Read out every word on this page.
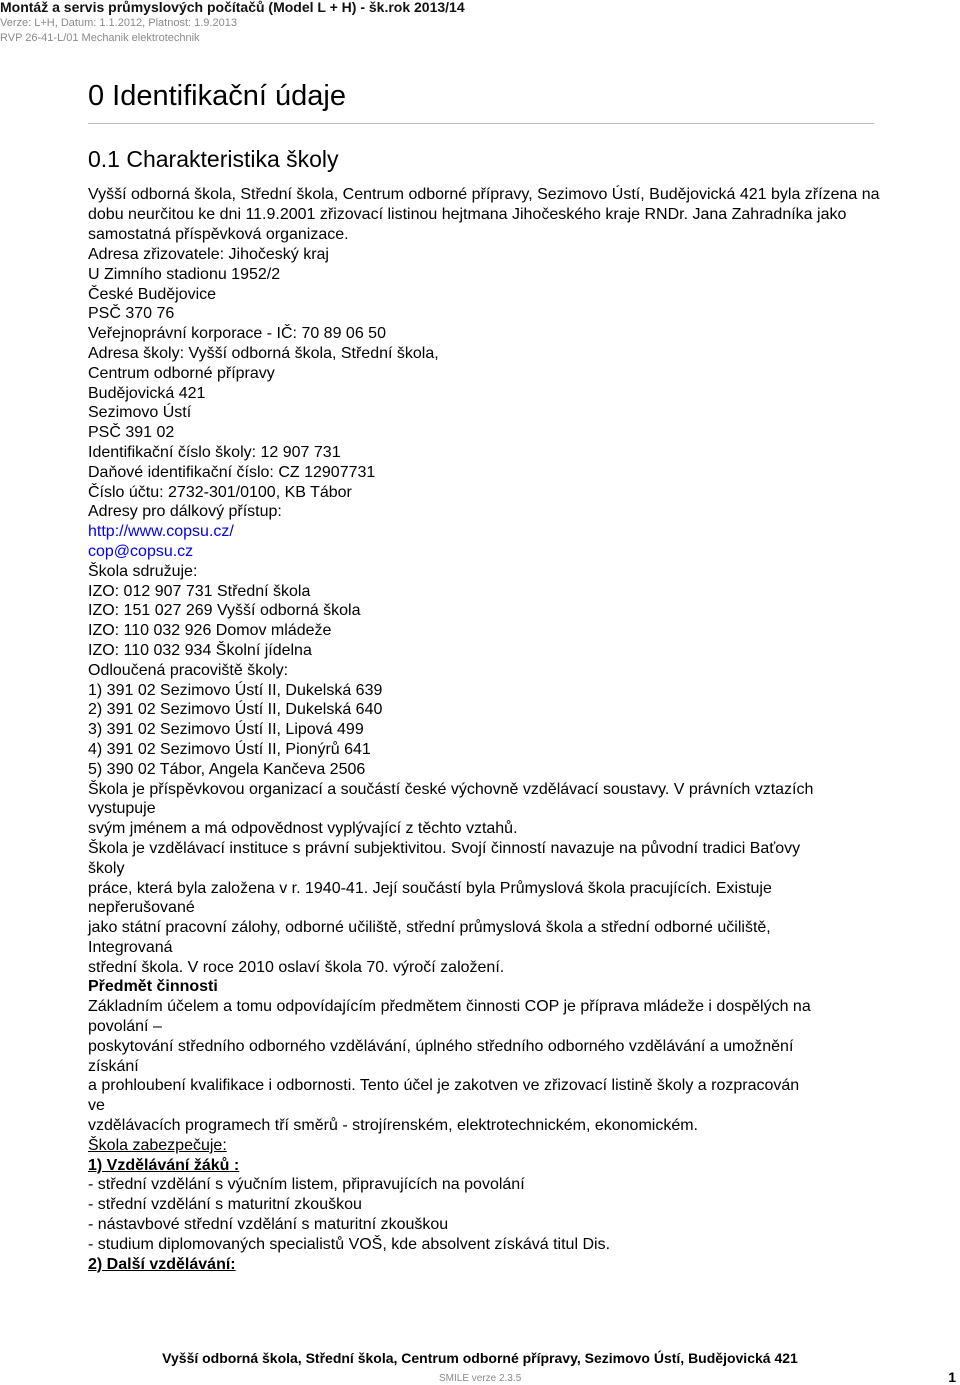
Montáž a servis průmyslových počítačů (Model L + H) - šk.rok 2013/14
Verze: L+H, Datum: 1.1.2012, Platnost: 1.9.2013
RVP 26-41-L/01 Mechanik elektrotechnik
0 Identifikační údaje
0.1 Charakteristika školy

Vyšší odborná škola, Střední škola, Centrum odborné přípravy, Sezimovo Ústí, Budějovická 421 byla zřízena na dobu neurčitou ke dni 11.9.2001 zřizovací listinou hejtmana Jihočeského kraje RNDr. Jana Zahradníka jako samostatná příspěvková organizace.

Adresa zřizovatele: Jihočeský kraj
U Zimního stadionu 1952/2
České Budějovice
PSČ 370 76
Veřejnoprávní korporace - IČ: 70 89 06 50
Adresa školy: Vyšší odborná škola, Střední škola,
Centrum odborné přípravy
Budějovická 421
Sezimovo Ústí
PSČ 391 02
Identifikační číslo školy: 12 907 731
Daňové identifikační číslo: CZ 12907731
Číslo účtu: 2732-301/0100, KB Tábor
Adresy pro dálkový přístup:
http://www.copsu.cz/
cop@copsu.cz
Škola sdružuje:
IZO: 012 907 731 Střední škola
IZO: 151 027 269 Vyšší odborná škola
IZO: 110 032 926 Domov mládeže
IZO: 110 032 934 Školní jídelna
Odloučená pracoviště školy:
1) 391 02 Sezimovo Ústí II, Dukelská 639
2) 391 02 Sezimovo Ústí II, Dukelská 640
3) 391 02 Sezimovo Ústí II, Lipová 499
4) 391 02 Sezimovo Ústí II, Pionýrů 641
5) 390 02 Tábor, Angela Kančeva 2506
Škola je příspěvkovou organizací a součástí české výchovně vzdělávací soustavy. V právních vztazích
vystupuje
svým jménem a má odpovědnost vyplývající z těchto vztahů.
Škola je vzdělávací instituce s právní subjektivitou. Svojí činností navazuje na původní tradici Baťovy
školy
práce, která byla založena v r. 1940-41. Její součástí byla Průmyslová škola pracujících. Existuje
nepřerušované
jako státní pracovní zálohy, odborné učiliště, střední průmyslová škola a střední odborné učiliště,
Integrovaná
střední škola. V roce 2010 oslaví škola 70. výročí založení.
Předmět činnosti
Základním účelem a tomu odpovídajícím předmětem činnosti COP je příprava mládeže i dospělých na
povolání –
poskytování středního odborného vzdělávání, úplného středního odborného vzdělávání a umožnění
získání
a prohloubení kvalifikace i odbornosti. Tento účel je zakotven ve zřizovací listině školy a rozpracován
ve
vzdělávacích programech tří směrů - strojírenském, elektrotechnickém, ekonomickém.
Škola zabezpečuje:
1) Vzdělávání žáků :
- střední vzdělání s výučním listem, připravujících na povolání
- střední vzdělání s maturitní zkouškou
- nástavbové střední vzdělání s maturitní zkouškou
- studium diplomovaných specialistů VOŠ, kde absolvent získává titul Dis.
2) Další vzdělávání:
Vyšší odborná škola, Střední škola, Centrum odborné přípravy, Sezimovo Ústí, Budějovická 421
SMILE verze 2.3.5	1
